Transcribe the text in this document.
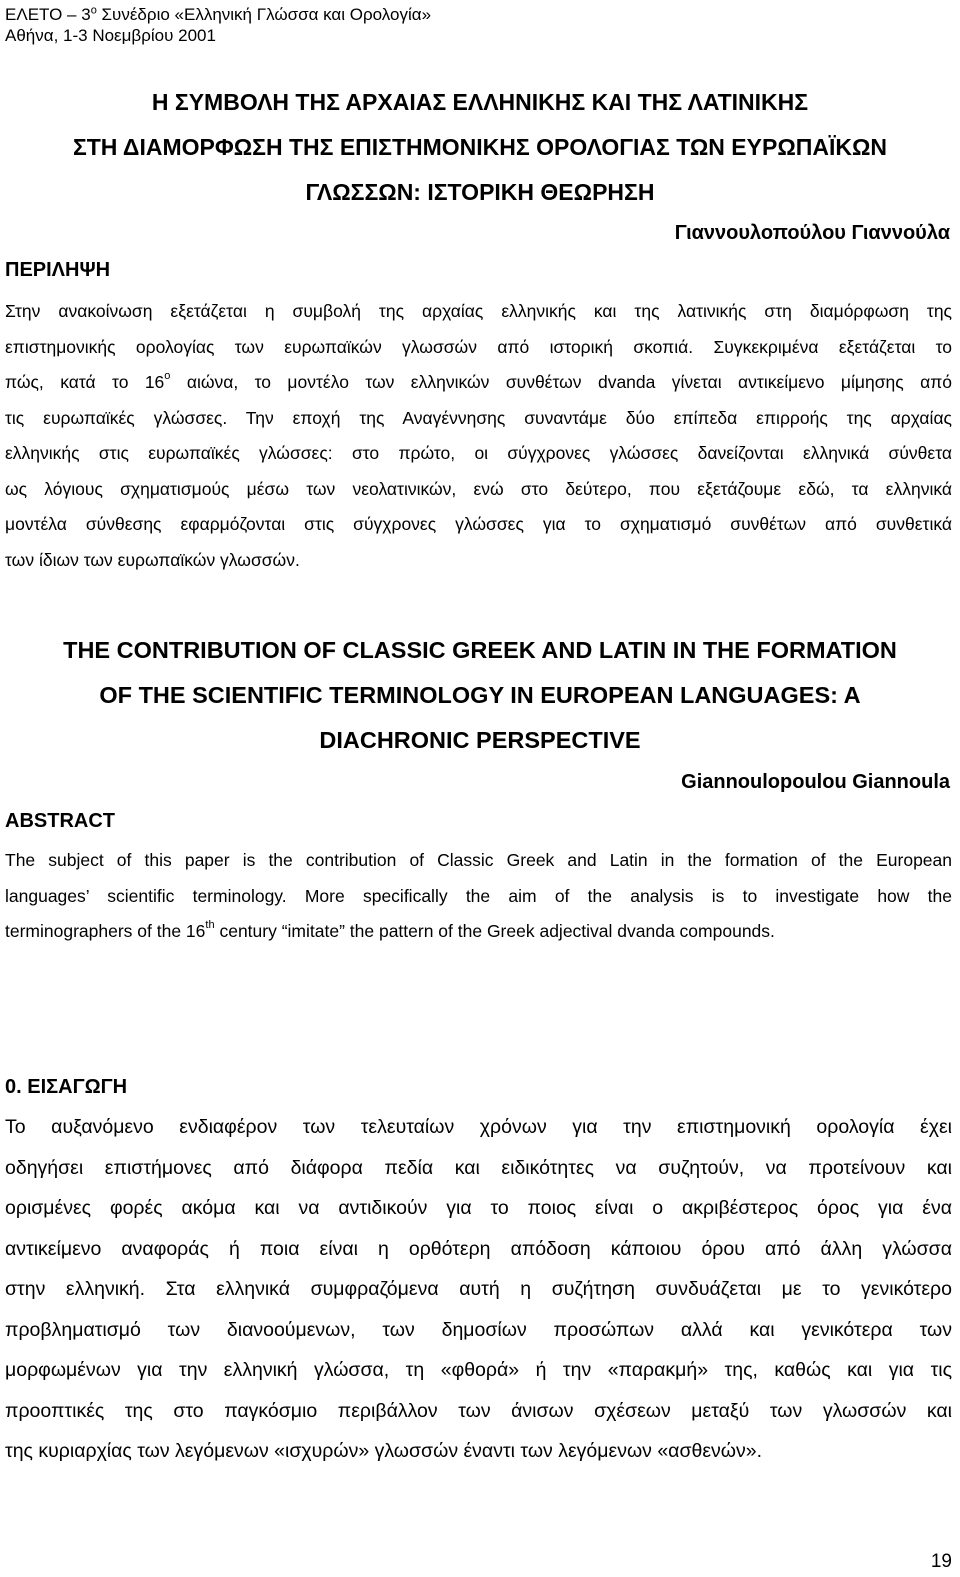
ΕΛΕΤΟ – $3^o$ Συνέδριο «Ελληνική Γλώσσα και Ορολογία»
Αθήνα, 1-3 Νοεμβρίου 2001
Η ΣΥΜΒΟΛΗ ΤΗΣ ΑΡΧΑΙΑΣ ΕΛΛΗΝΙΚΗΣ ΚΑΙ ΤΗΣ ΛΑΤΙΝΙΚΗΣ
ΣΤΗ ΔΙΑΜΟΡΦΩΣΗ ΤΗΣ ΕΠΙΣΤΗΜΟΝΙΚΗΣ ΟΡΟΛΟΓΙΑΣ ΤΩΝ ΕΥΡΩΠΑΪΚΩΝ
ΓΛΩΣΣΩΝ: ΙΣΤΟΡΙΚΗ ΘΕΩΡΗΣΗ
Γιαννουλοπούλου Γιαννούλα
ΠΕΡΙΛΗΨΗ
Στην ανακοίνωση εξετάζεται η συμβολή της αρχαίας ελληνικής και της λατινικής στη διαμόρφωση της
επιστημονικής ορολογίας των ευρωπαϊκών γλωσσών από ιστορική σκοπιά. Συγκεκριμένα εξετάζεται το
πώς, κατά το $16^o$ αιώνα, το μοντέλο των ελληνικών συνθέτων dvanda γίνεται αντικείμενο μίμησης από
τις ευρωπαϊκές γλώσσες. Την εποχή της Αναγέννησης συναντάμε δύο επίπεδα επιρροής της αρχαίας
ελληνικής στις ευρωπαϊκές γλώσσες: στο πρώτο, οι σύγχρονες γλώσσες δανείζονται ελληνικά σύνθετα
ως λόγιους σχηματισμούς μέσω των νεολατινικών, ενώ στο δεύτερο, που εξετάζουμε εδώ, τα ελληνικά
μοντέλα σύνθεσης εφαρμόζονται στις σύγχρονες γλώσσες για το σχηματισμό συνθέτων από συνθετικά
των ίδιων των ευρωπαϊκών γλωσσών.
THE CONTRIBUTION OF CLASSIC GREEK AND LATIN IN THE FORMATION
OF THE SCIENTIFIC TERMINOLOGY IN EUROPEAN LANGUAGES: A
DIACHRONIC PERSPECTIVE
Giannoulopoulou Giannoula
ABSTRACT
The subject of this paper is the contribution of Classic Greek and Latin in the formation of the European
languages’ scientific terminology. More specifically the aim of the analysis is to investigate how the
terminographers of the 16th century “imitate” the pattern of the Greek adjectival dvanda compounds.
0. ΕΙΣΑΓΩΓΗ
Το αυξανόμενο ενδιαφέρον των τελευταίων χρόνων για την επιστημονική ορολογία έχει
οδηγήσει επιστήμονες από διάφορα πεδία και ειδικότητες να συζητούν, να προτείνουν και
ορισμένες φορές ακόμα και να αντιδικούν για το ποιος είναι ο ακριβέστερος όρος για ένα
αντικείμενο αναφοράς ή ποια είναι η ορθότερη απόδοση κάποιου όρου από άλλη γλώσσα
στην ελληνική. Στα ελληνικά συμφραζόμενα αυτή η συζήτηση συνδυάζεται με το γενικότερο
προβληματισμό των διανοούμενων, των δημοσίων προσώπων αλλά και γενικότερα των
μορφωμένων για την ελληνική γλώσσα, τη «φθορά» ή την «παρακμή» της, καθώς και για τις
προοπτικές της στο παγκόσμιο περιβάλλον των άνισων σχέσεων μεταξύ των γλωσσών και
της κυριαρχίας των λεγόμενων «ισχυρών» γλωσσών έναντι των λεγόμενων «ασθενών».
19
